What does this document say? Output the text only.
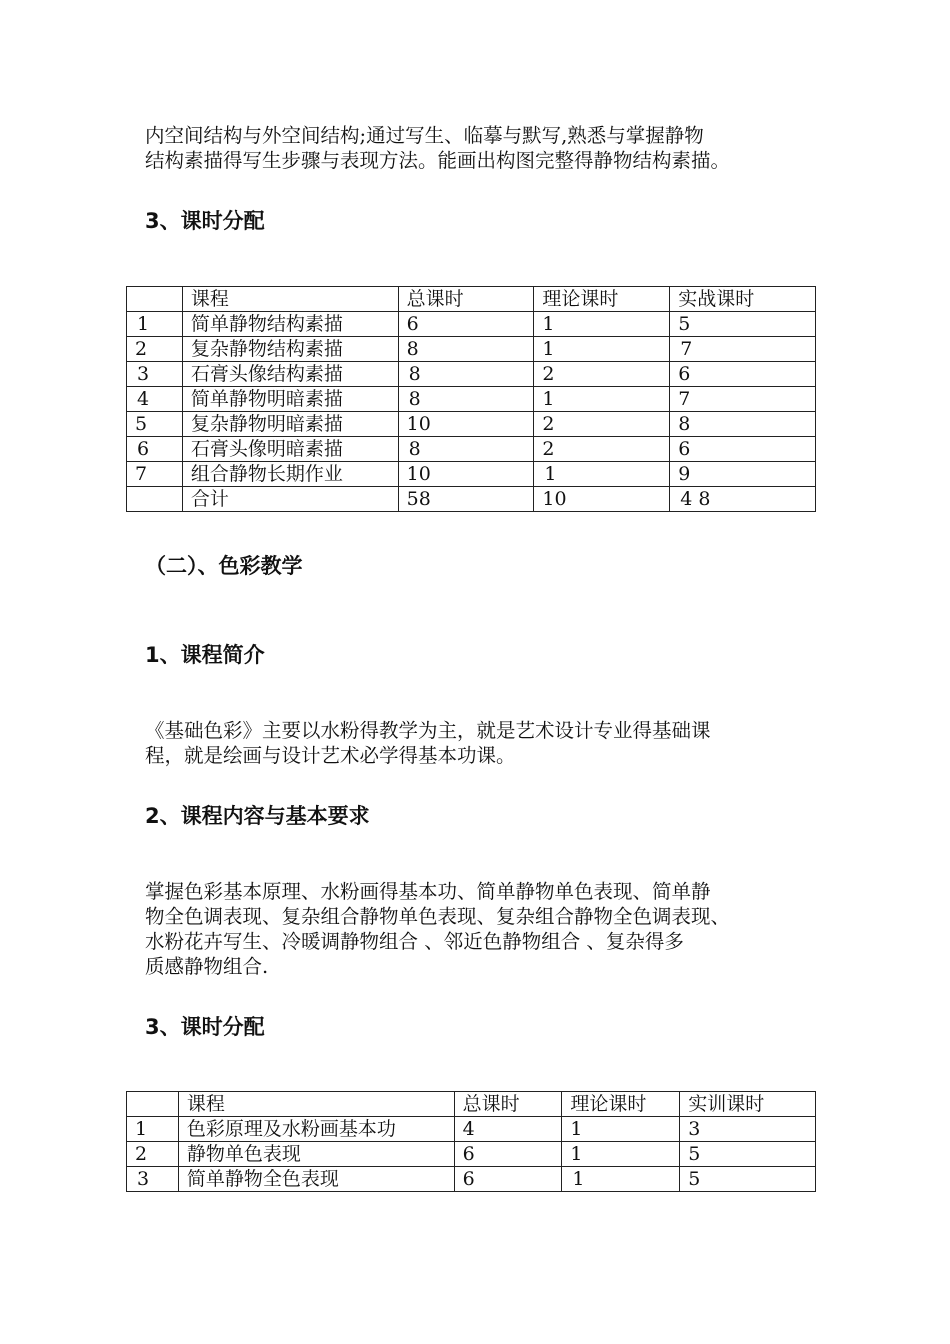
内空间结构与外空间结构;通过写生、临摹与默写,熟悉与掌握静物
结构素描得写生步骤与表现方法。能画出构图完整得静物结构素描。
3、课时分配
	课程	总课时	理论课时	实战课时
1	简单静物结构素描	6	1	5
2	复杂静物结构素描	8	1	7
3	石膏头像结构素描	8	2	6
4	简单静物明暗素描	8	1	7
5	复杂静物明暗素描	10	2	8
6	石膏头像明暗素描	8	2	6
7	组合静物长期作业	10	1	9
	合计	58	10	4 8
（二）、色彩教学
1、课程简介
《基础色彩》主要以水粉得教学为主，就是艺术设计专业得基础课
程，就是绘画与设计艺术必学得基本功课。
2、课程内容与基本要求
掌握色彩基本原理、水粉画得基本功、简单静物单色表现、简单静
物全色调表现、复杂组合静物单色表现、复杂组合静物全色调表现、
水粉花卉写生、冷暖调静物组合 、邻近色静物组合 、复杂得多
质感静物组合.
3、课时分配
	课程	总课时	理论课时	实训课时
1	色彩原理及水粉画基本功	4	1	3
2	静物单色表现	6	1	5
3	简单静物全色表现	6	1	5
